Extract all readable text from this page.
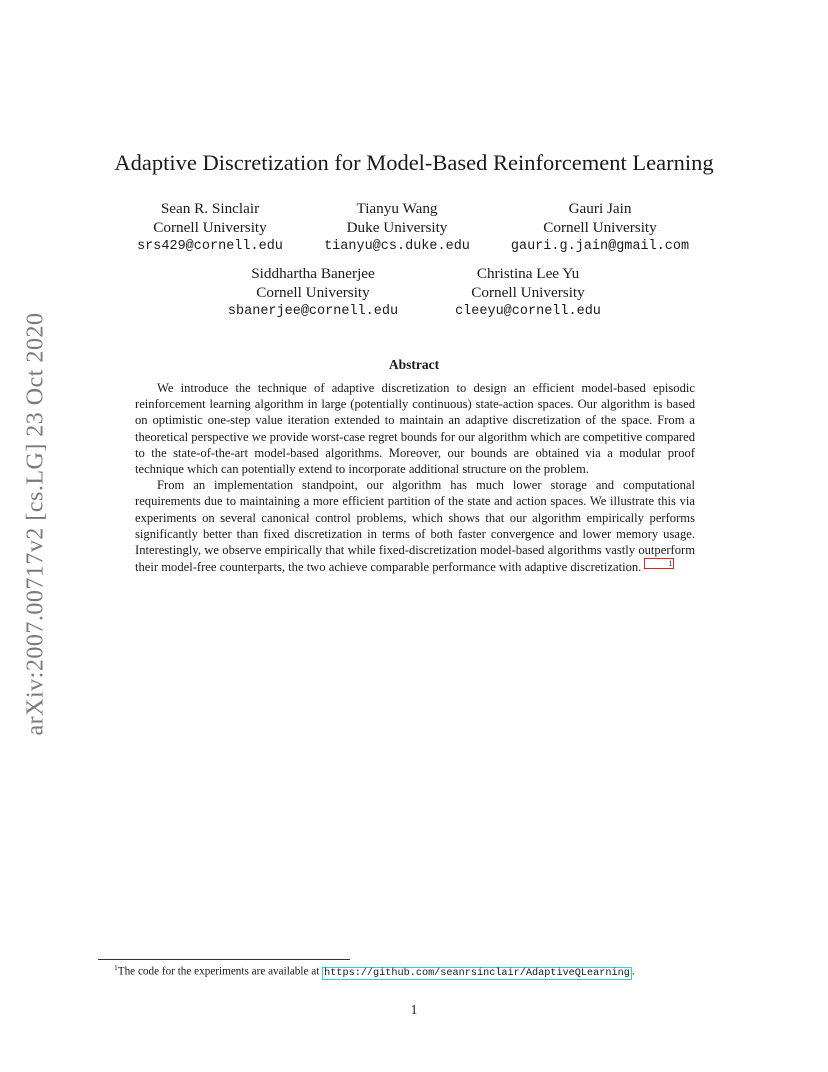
arXiv:2007.00717v2 [cs.LG] 23 Oct 2020
Adaptive Discretization for Model-Based Reinforcement Learning
Sean R. Sinclair
Cornell University
srs429@cornell.edu
Tianyu Wang
Duke University
tianyu@cs.duke.edu
Gauri Jain
Cornell University
gauri.g.jain@gmail.com
Siddhartha Banerjee
Cornell University
sbanerjee@cornell.edu
Christina Lee Yu
Cornell University
cleeyu@cornell.edu
Abstract

We introduce the technique of adaptive discretization to design an efficient model-based episodic reinforcement learning algorithm in large (potentially continuous) state-action spaces. Our algorithm is based on optimistic one-step value iteration extended to maintain an adaptive discretization of the space. From a theoretical perspective we provide worst-case regret bounds for our algorithm which are competitive compared to the state-of-the-art model-based algorithms. Moreover, our bounds are obtained via a modular proof technique which can potentially extend to incorporate additional structure on the problem.

From an implementation standpoint, our algorithm has much lower storage and computational requirements due to maintaining a more efficient partition of the state and action spaces. We illustrate this via experiments on several canonical control problems, which shows that our algorithm empirically performs significantly better than fixed discretization in terms of both faster convergence and lower memory usage. Interestingly, we observe empirically that while fixed-discretization model-based algorithms vastly outperform their model-free counterparts, the two achieve comparable performance with adaptive discretization.	1

$^1$The code for the experiments are available at https://github.com/seanrsinclair/AdaptiveQLearning .
1
